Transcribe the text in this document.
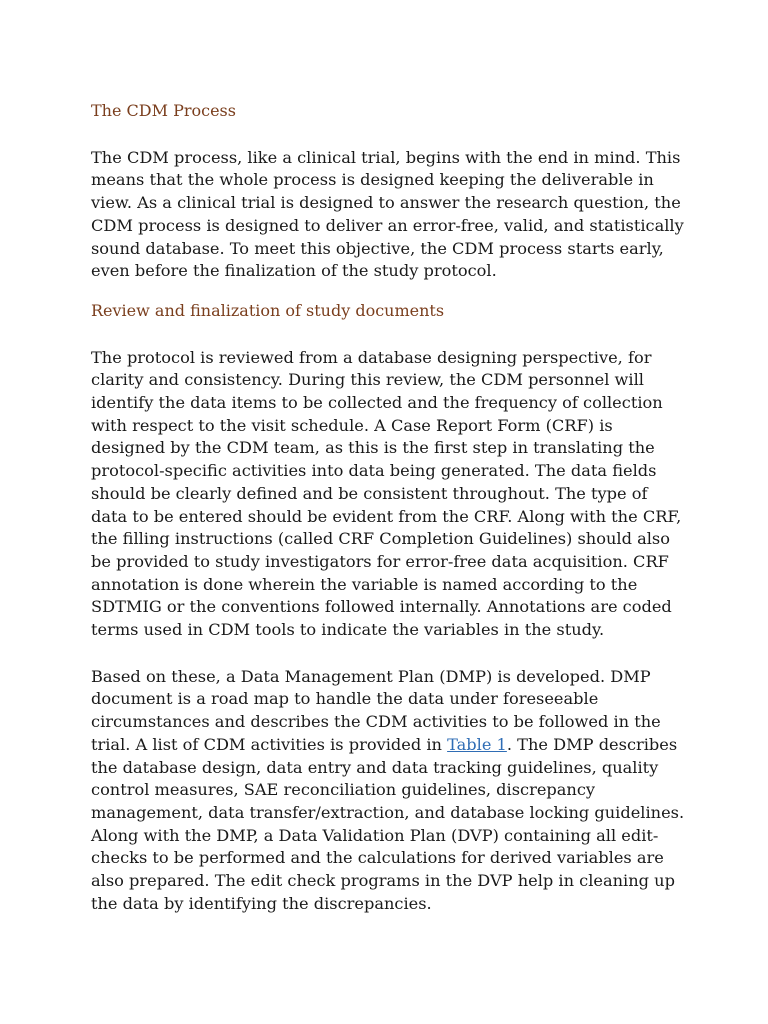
The CDM Process

The CDM process, like a clinical trial, begins with the end in mind. This means that the whole process is designed keeping the deliverable in view. As a clinical trial is designed to answer the research question, the CDM process is designed to deliver an error-free, valid, and statistically sound database. To meet this objective, the CDM process starts early, even before the finalization of the study protocol.

Review and finalization of study documents

The protocol is reviewed from a database designing perspective, for clarity and consistency. During this review, the CDM personnel will identify the data items to be collected and the frequency of collection with respect to the visit schedule. A Case Report Form (CRF) is designed by the CDM team, as this is the first step in translating the protocol-specific activities into data being generated. The data fields should be clearly defined and be consistent throughout. The type of data to be entered should be evident from the CRF. Along with the CRF, the filling instructions (called CRF Completion Guidelines) should also be provided to study investigators for error-free data acquisition. CRF annotation is done wherein the variable is named according to the SDTMIG or the conventions followed internally. Annotations are coded terms used in CDM tools to indicate the variables in the study.

Based on these, a Data Management Plan (DMP) is developed. DMP document is a road map to handle the data under foreseeable circumstances and describes the CDM activities to be followed in the trial. A list of CDM activities is provided in Table 1. The DMP describes the database design, data entry and data tracking guidelines, quality control measures, SAE reconciliation guidelines, discrepancy management, data transfer/extraction, and database locking guidelines. Along with the DMP, a Data Validation Plan (DVP) containing all edit-checks to be performed and the calculations for derived variables are also prepared. The edit check programs in the DVP help in cleaning up the data by identifying the discrepancies.
